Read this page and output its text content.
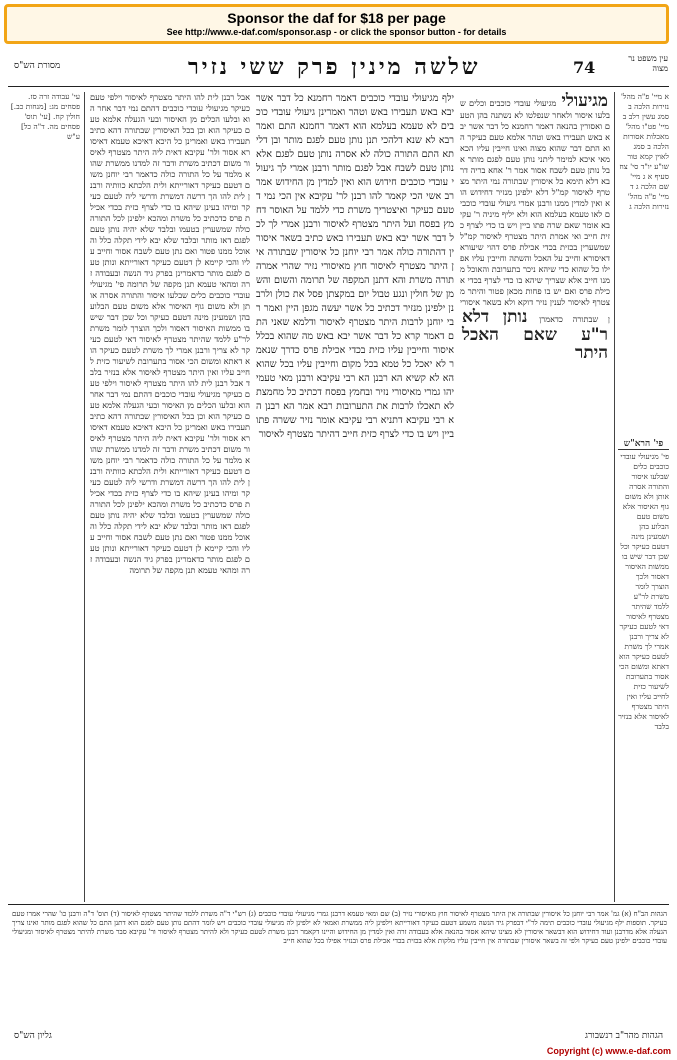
Sponsor the daf for $18 per page
See http://www.e-daf.com/sponsor.asp - or click the sponsor button - for details
מסורת הש"ס	שלשה מינין פרק ששי נזיר	74	עין משפט נר מצוה
עי' עבודה זרה סז. פסחים מג: [מנחות כב.] חולין קח. [עי' תוס' פסחים מה. ד"ה כל] ע"ש
אבל רבנן לית להו היתר מצטרף לאיסור וילפי טעם כעיקר מגיעולי עובדי כוכבים דהתם נמי דבר אחר הוא ובלעו הכלים מן האיסור ובעי הגעלה אלמא טעם כעיקר הוא וכן בכל האיסורין שבתורה דהא כתיב תעבירו באש ואמרינן כל היכא דאיכא טעמא דאיסורא אסור ולר' עקיבא דאית ליה היתר מצטרף לאיסור משום דכתיב משרת ודבר זה למדנו ממשרת שהוא מלמד על כל התורה כולה כדאמר רבי יוחנן משום דטעם כעיקר דאורייתא ולית הלכתא כוותיה ורבנן לית להו הך דרשה דמשרת ודרשי ליה לטעם כעיקר ומיהו בעינן שיהא בו כדי לצרף כזית בכדי אכילת פרס כדכתיב כל משרת ומהכא ילפינן לכל התורה כולה שמשערין בטעמו ובלבד שלא יהיה נותן טעם לפגם דאז מותר ובלבד שלא יבא לידי תקלה כלל והאוכל ממנו פטור ואם נתן טעם לשבח אסור וחייב עליו והכי קיימא לן דטעם כעיקר דאורייתא ונותן טעם לפגם מותר כדאמרינן בפרק גיד הנשה ובעבודה זרה ומהאי טעמא תנן מקפה של תרומה פי' מגיעולי עובדי כוכבים כלים שבלעו איסור והתורה אסרה אותן ולא משום גוף האיסור אלא משום טעם הבלוע בהן ושמעינן מינה דטעם כעיקר וכל שכן דבר שיש בו ממשות האיסור דאסור ולכך הוצרך לומר משרת לר"ע ללמד שהיתר מצטרף לאיסור דאי לטעם כעיקר לא צריך ורבנן אמרי לך משרת לטעם כעיקר הוא דאתא ומשום הכי אסור בתערובת לשיעור כזית לחייב עליו ואין היתר מצטרף לאיסור אלא בנזיר בלבד אבל רבנן לית להו היתר מצטרף לאיסור וילפי טעם כעיקר מגיעולי עובדי כוכבים דהתם נמי דבר אחר הוא ובלעו הכלים מן האיסור ובעי הגעלה אלמא טעם כעיקר הוא וכן בכל האיסורין שבתורה דהא כתיב תעבירו באש ואמרינן כל היכא דאיכא טעמא דאיסורא אסור ולר' עקיבא דאית ליה היתר מצטרף לאיסור משום דכתיב משרת ודבר זה למדנו ממשרת שהוא מלמד על כל התורה כולה כדאמר רבי יוחנן משום דטעם כעיקר דאורייתא ולית הלכתא כוותיה ורבנן לית להו הך דרשה דמשרת ודרשי ליה לטעם כעיקר ומיהו בעינן שיהא בו כדי לצרף כזית בכדי אכילת פרס כדכתיב כל משרת ומהכא ילפינן לכל התורה כולה שמשערין בטעמו ובלבד שלא יהיה נותן טעם לפגם דאז מותר ובלבד שלא יבא לידי תקלה כלל והאוכל ממנו פטור ואם נתן טעם לשבח אסור וחייב עליו והכי קיימא לן דטעם כעיקר דאורייתא ונותן טעם לפגם מותר כדאמרינן בפרק גיד הנשה ובעבודה זרה ומהאי טעמא תנן מקפה של תרומה
ילף מגיעולי עובדי כוכבים דאמר רחמנא כל דבר אשר יבא באש תעבירו באש וטהר ואמרינן גיעולי עובדי כוכבים לא טעמא בעלמא הוא דאמר רחמנא התם ואמר רבא לא שנא דלהכי תנן נותן טעם לפגם מותר ובן דליתא התם התורה כולה לא אסרה נותן טעם לפגם אלא נותן טעם לשבח אבל לפגם מותר ורבנן אמרי לך גיעולי עובדי כוכבים חידוש הוא ואין למדין מן החידוש אמר רב אשי הכי קאמר להו רבנן לר' עקיבא אין הכי נמי דטעם כעיקר ואיצטריך משרת כדי ללמד על האוסר דחמץ בפסח ועל היתר מצטרף לאיסור ורבנן אמרי לך לכל דבר אשר יבא באש תעבירו באש כתיב בשאר איסורין דהתורה כולה אמר רבי יוחנן כל איסורין שבתורה אין היתר מצטרף לאיסור חוץ מאיסורי נזיר שהרי אמרה תורה משרת והא דתנן המקפה של תרומה והשום והשמן של חולין ונגע טבול יום במקצתן פסל את כולן ולרבנן ילפינן מנזיר דכתיב כל אשר יעשה מגפן היין ואמר רבי יוחנן לרבות היתר מצטרף לאיסור ודלמא שאני התם דאמר קרא כל דבר אשר יבא באש מה שהוא בכלל איסור וחייבין עליו כזית בכדי אכילת פרס כדרך שנאמר לא יאכל כל טמא בכל מקום וחייבין עליו בכל שהוא הא לא קשיא הא רבנן הא רבי עקיבא ורבנן מאי טעמייהו גמרי מאיסורי נזיר ובחמץ בפסח דכתיב כל מחמצת לא תאכלו לרבות את התערובות רבא אמר הא רבנן הא רבי עקיבא דתניא רבי עקיבא אומר נזיר ששרה פתו ביין ויש בו כדי לצרף כזית חייב דהיתר מצטרף לאיסור
מגיעולי מגיעולי עובדי כוכבים וכלים שבלעו איסור ולאחר שנפלטו לא נשתנה בהן הטעם ואסורין בהנאה דאמר רחמנא כל דבר אשר יבא באש תעבירו באש וטהר אלמא טעם כעיקר הוא התם דבר שהוא מצוה ואינו חייבין עליו הכא מאי איכא למימר ליתני נותן טעם לפגם מותר אבל נותן טעם לשבח אסור אמר ר' אחא בריה דרבא דלא תימא כל איסורין שבתורה נמי היתר מצטרף לאיסור קמ"ל דלא ילפינן מנזיר דחידוש הוא ואין למדין ממנו ורבנן אמרי גיעולי עובדי כוכבים לאו טעמא בעלמא הוא ולא יליף מיניה ר' עקיבא אומר שאם שרה פתו ביין ויש בו כדי לצרף כזית חייב ואי אמרת היתר מצטרף לאיסור קמ"ל שמשערין בכזית בכדי אכילת פרס דהוי שיעורא דאיסורא וחייב על האכל והשתה וחייבין עליו אפילו כל שהוא כדי שיהא ניכר בתערובת והאוכל ממנו חייב אלא שצריך שיהא בו כדי לצרף בכדי אכילת פרס ואם יש בו פחות מכאן פטור והיתר מצטרף לאיסור לענין נזיר דוקא ולא בשאר איסורין שבתורה כדאמרן נותן דלא ר"ע שאם האכל היתר
א מיי' פ"ה מהל' נזירות הלכה ב סמג עשין רלב ב מיי' פט"ו מהל' מאכלות אסורות הלכה ב סמג לאוין קמא טור שו"ע יו"ד סי' צח סעיף א ג מיי' שם הלכה ג ד מיי' פ"ה מהל' נזירות הלכה ג
פי' הרא"ש
פי' מגיעולי עובדי כוכבים כלים שבלעו איסור והתורה אסרה אותן ולא משום גוף האיסור אלא משום טעם הבלוע בהן ושמעינן מינה דטעם כעיקר וכל שכן דבר שיש בו ממשות האיסור דאסור ולכך הוצרך לומר משרת לר"ע ללמד שהיתר מצטרף לאיסור דאי לטעם כעיקר לא צריך ורבנן אמרי לך משרת לטעם כעיקר הוא דאתא ומשום הכי אסור בתערובת לשיעור כזית לחייב עליו ואין היתר מצטרף לאיסור אלא בנזיר בלבד
הגהות הב"ח (א) גמ' אמר רבי יוחנן כל איסורין שבתורה אין היתר מצטרף לאיסור חוץ מאיסורי נזיר (ב) שם ומאי טעמא דרבנן גמרי מגיעולי עובדי כוכבים (ג) רש"י ד"ה משרת ללמד שהיתר מצטרף לאיסור (ד) תוס' ד"ה ורבנן כו' שהרי אמרו טעם כעיקר. תוספות ילף מגיעולי עובדי כוכבים תימה לר"י דבפרק גיד הנשה משמע דטעם כעיקר דאורייתא וילפינן ליה ממשרת ואמאי לא ילפינן לה מגיעולי עובדי כוכבים ויש לומר דהתם נותן טעם לפגם הוא דתנן התם כל שהוא לפגם מותר ואינו צריך הגעלה אלא מדרבנן ועוד דחידוש הוא דבשאר איסורין לא מצינו שיהא אסור בהנאה אלא בעבודה זרה ואין למדין מן החידוש והיינו דקאמר רבנן משרת לטעם כעיקר ולא להיתר מצטרף לאיסור ור' עקיבא סבר משרת להיתר מצטרף לאיסור ומגיעולי עובדי כוכבים ילפינן טעם כעיקר ולפי זה בשאר איסורין שבתורה אין חייבין עליו מלקות אלא בכזית בכדי אכילת פרס ובנזיר אפילו בכל שהוא חייב
גליון הש"ס	הגהות מהר"ב רנשבורג
Copyright (c) www.e-daf.com
